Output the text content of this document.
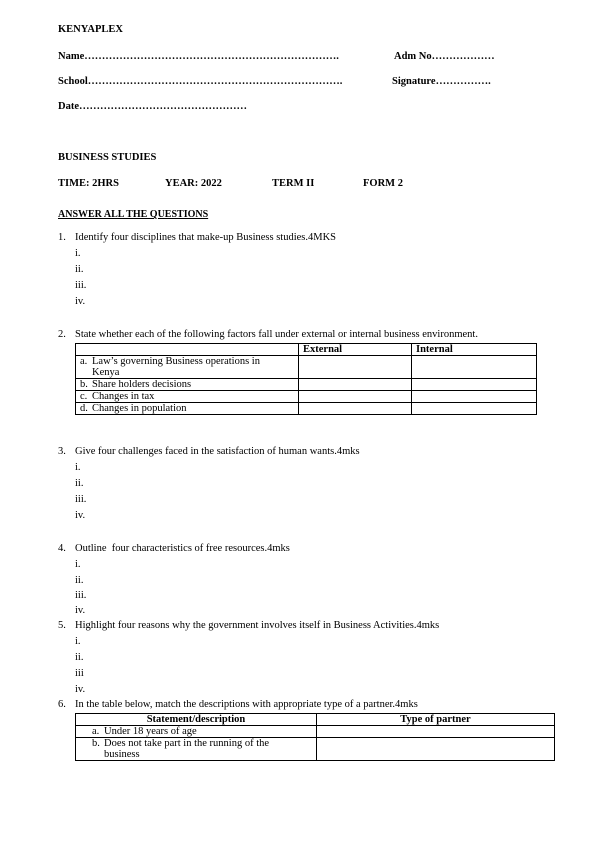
KENYAPLEX
Name……………………………………………………………….	Adm No………………
School……………………………………………………………….	Signature…………….
Date…………………………………………
BUSINESS STUDIES
TIME: 2HRS	YEAR: 2022	TERM II	FORM 2
ANSWER ALL THE QUESTIONS
1. Identify four disciplines that make-up Business studies.4MKS
i.
ii.
iii.
iv.
2. State whether each of the following factors fall under external or internal business environment.
	External	Internal
a. Law’s governing Business operations in Kenya		
b. Share holders decisions		
c. Changes in tax		
d. Changes in population		
3. Give four challenges faced in the satisfaction of human wants.4mks
i.
ii.
iii.
iv.
4. Outline  four characteristics of free resources.4mks
i.
ii.
iii.
iv.
5. Highlight four reasons why the government involves itself in Business Activities.4mks
i.
ii.
iii
iv.
6. In the table below, match the descriptions with appropriate type of a partner.4mks
Statement/description	Type of partner
a. Under 18 years of age	
b. Does not take part in the running of the business	
